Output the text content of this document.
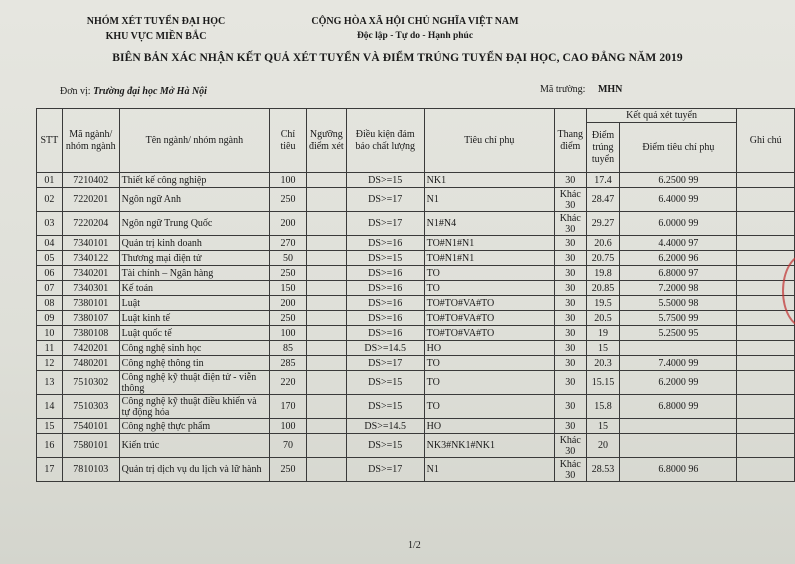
NHÓM XÉT TUYỂN ĐẠI HỌC
KHU VỰC MIỀN BẮC
CỘNG HÒA XÃ HỘI CHỦ NGHĨA VIỆT NAM
Độc lập - Tự do - Hạnh phúc
BIÊN BẢN XÁC NHẬN KẾT QUẢ XÉT TUYỂN VÀ ĐIỂM TRÚNG TUYỂN ĐẠI HỌC, CAO ĐẲNG NĂM 2019
Đơn vị: Trường đại học Mở Hà Nội	Mã trường: MHN
STT	Mã ngành/ nhóm ngành	Tên ngành/ nhóm ngành	Chỉ tiêu	Ngưỡng điểm xét	Điều kiện đảm bảo chất lượng	Tiêu chí phụ	Thang điểm	Kết quả xét tuyển		Ghi chú
								Điểm trúng tuyển	Điểm tiêu chí phụ	
01	7210402	Thiết kế công nghiệp	100		DS>=15	NK1	30	17.4	6.2500 99	
02	7220201	Ngôn ngữ Anh	250		DS>=17	N1	Khác 30	28.47	6.4000 99	
03	7220204	Ngôn ngữ Trung Quốc	200		DS>=17	N1#N4	Khác 30	29.27	6.0000 99	
04	7340101	Quản trị kinh doanh	270		DS>=16	TO#N1#N1	30	20.6	4.4000 97	
05	7340122	Thương mại điện tử	50		DS>=15	TO#N1#N1	30	20.75	6.2000 96	
06	7340201	Tài chính – Ngân hàng	250		DS>=16	TO	30	19.8	6.8000 97	
07	7340301	Kế toán	150		DS>=16	TO	30	20.85	7.2000 98	
08	7380101	Luật	200		DS>=16	TO#TO#VA#TO	30	19.5	5.5000 98	
09	7380107	Luật kinh tế	250		DS>=16	TO#TO#VA#TO	30	20.5	5.7500 99	
10	7380108	Luật quốc tế	100		DS>=16	TO#TO#VA#TO	30	19	5.2500 95	
11	7420201	Công nghệ sinh học	85		DS>=14.5	HO	30	15		
12	7480201	Công nghệ thông tin	285		DS>=17	TO	30	20.3	7.4000 99	
13	7510302	Công nghệ kỹ thuật điện tử - viễn thông	220		DS>=15	TO	30	15.15	6.2000 99	
14	7510303	Công nghệ kỹ thuật điều khiển và tự động hóa	170		DS>=15	TO	30	15.8	6.8000 99	
15	7540101	Công nghệ thực phẩm	100		DS>=14.5	HO	30	15		
16	7580101	Kiến trúc	70		DS>=15	NK3#NK1#NK1	Khác 30	20		
17	7810103	Quản trị dịch vụ du lịch và lữ hành	250		DS>=17	N1	Khác 30	28.53	6.8000 96	
1/2
